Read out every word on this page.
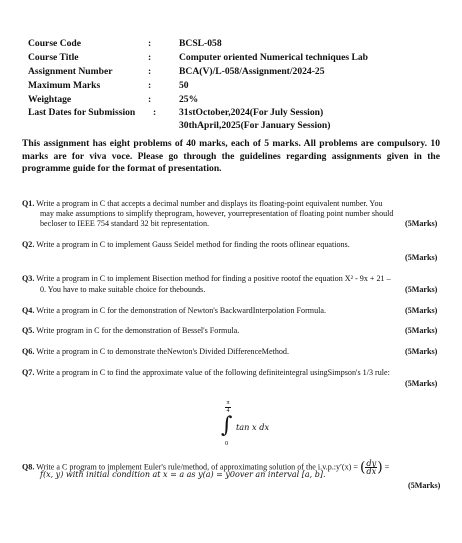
Course Code	:	BCSL-058
Course Title	:	Computer oriented Numerical techniques Lab
Assignment Number	:	BCA(V)/L-058/Assignment/2024-25
Maximum Marks	:	50
Weightage	:	25%
Last Dates for Submission : 31stOctober,2024(For July Session)
30thApril,2025(For January Session)
This assignment has eight problems of 40 marks, each of 5 marks. All problems are compulsory. 10 marks are for viva voce. Please go through the guidelines regarding assignments given in the programme guide for the format of presentation.
Q1. Write a program in C that accepts a decimal number and displays its floating-point equivalent number. You
may make assumptions to simplify theprogram, however, yourrepresentation of floating point number should
becloser to IEEE 754 standard 32 bit representation.	(5Marks)
Q2. Write a program in C to implement Gauss Seidel method for finding the roots oflinear equations.
(5Marks)
Q3. Write a program in C to implement Bisection method for finding a positive rootof the equation X² - 9x + 21 –
0. You have to make suitable choice for thebounds.	(5Marks)
Q4. Write a program in C for the demonstration of Newton's BackwardInterpolation Formula.	(5Marks)
Q5. Write program in C for the demonstration of Bessel's Formula.	(5Marks)
Q6. Write a program in C to demonstrate theNewton's Divided DifferenceMethod.	(5Marks)
Q7. Write a program in C to find the approximate value of the following definiteintegral usingSimpson's 1/3 rule:
(5Marks)
$\frac{\pi}{4}$
∫ tan x dx
0
Q8. Write a C program to implement Euler's rule/method, of approximating solution of the i.v.p.:y′(x) = ( $\frac{dy}{dx}$ ) =
f(x, y) with initial condition at x = a as y(a) = y0over an interval [a, b].
(5Marks)
